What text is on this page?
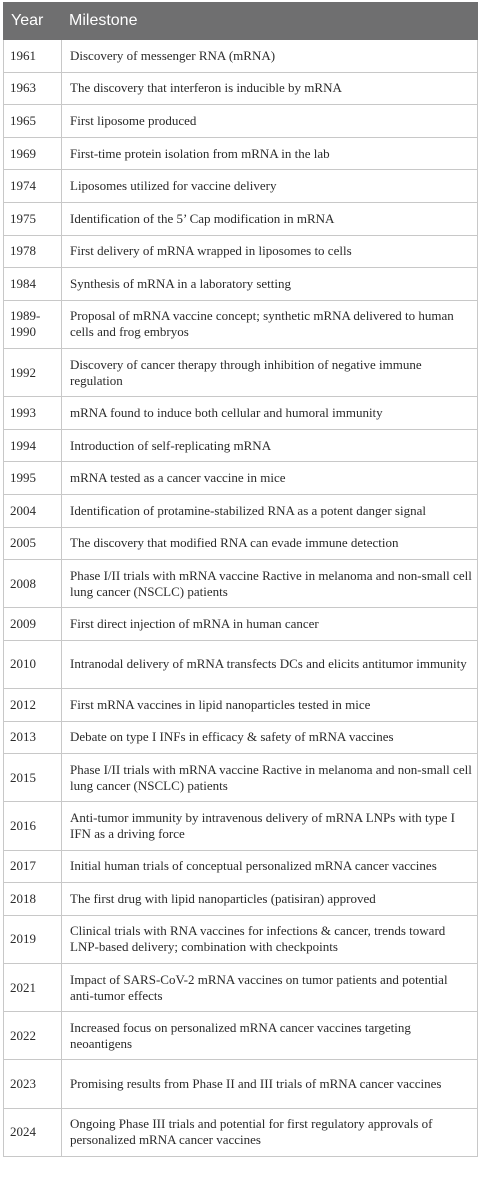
Year	Milestone
1961	Discovery of messenger RNA (mRNA)
1963	The discovery that interferon is inducible by mRNA
1965	First liposome produced
1969	First-time protein isolation from mRNA in the lab
1974	Liposomes utilized for vaccine delivery
1975	Identification of the 5’ Cap modification in mRNA
1978	First delivery of mRNA wrapped in liposomes to cells
1984	Synthesis of mRNA in a laboratory setting
1989-1990	Proposal of mRNA vaccine concept; synthetic mRNA delivered to human cells and frog embryos
1992	Discovery of cancer therapy through inhibition of negative immune regulation
1993	mRNA found to induce both cellular and humoral immunity
1994	Introduction of self-replicating mRNA
1995	mRNA tested as a cancer vaccine in mice
2004	Identification of protamine-stabilized RNA as a potent danger signal
2005	The discovery that modified RNA can evade immune detection
2008	Phase I/II trials with mRNA vaccine Ractive in melanoma and non-small cell lung cancer (NSCLC) patients
2009	First direct injection of mRNA in human cancer
2010	Intranodal delivery of mRNA transfects DCs and elicits antitumor immunity
2012	First mRNA vaccines in lipid nanoparticles tested in mice
2013	Debate on type I INFs in efficacy & safety of mRNA vaccines
2015	Phase I/II trials with mRNA vaccine Ractive in melanoma and non-small cell lung cancer (NSCLC) patients
2016	Anti-tumor immunity by intravenous delivery of mRNA LNPs with type I IFN as a driving force
2017	Initial human trials of conceptual personalized mRNA cancer vaccines
2018	The first drug with lipid nanoparticles (patisiran) approved
2019	Clinical trials with RNA vaccines for infections & cancer, trends toward LNP-based delivery; combination with checkpoints
2021	Impact of SARS-CoV-2 mRNA vaccines on tumor patients and potential anti-tumor effects
2022	Increased focus on personalized mRNA cancer vaccines targeting neoantigens
2023	Promising results from Phase II and III trials of mRNA cancer vaccines
2024	Ongoing Phase III trials and potential for first regulatory approvals of personalized mRNA cancer vaccines
